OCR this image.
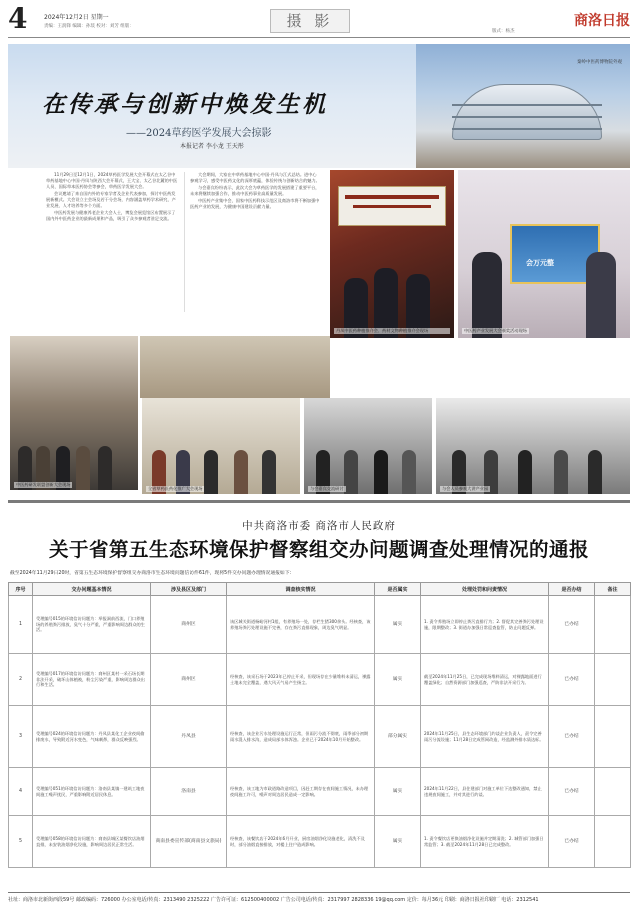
4	2024年12月2日 星期一
责编：王润锋 编辑：孙琰 校对：刘芳 组版：	摄 影
版式：杨杰
商洛日报
在传承与创新中焕发生机
——2024草药医学发展大会掠影
本报记者 李小龙 王天彤
秦岭中医药博物院外观

11月29日至12月1日，2024草药医学发展大会开幕式在太乙谷中草药基地中心中国·丹凤与陕西大会开幕式，王大宝、太乙谷北麓的中医人员、国际草本医药协会等参会，草药医学发展大会。

会议邀请了来自国内外的专家学者及企业代表参加，探讨中医药发展新模式。大会设立主会场及若干分会场，内容涵盖草药学术研究、产业发展、人才培养等多个方面。

中医药发展与健康养老企业大会人士，博览会展览馆区布置展示了国内外中医药企业的最新成果和产品，吸引了众多参观者驻足交流。

大会期间，大家在中草药基地中心中国·丹凤与江式总结。进中心参观学习，感受中医药文化的深厚底蕴，体验传统与创新结合的魅力。

与会嘉宾纷纷表示，此次大会为草药医学的发展搭建了重要平台，未来将继续加强合作，推动中医药事业高质量发展。

中医药产业集中会，国家中医药科技示范区及商洛市将不断加强中医药产业的发展，为健康中国建设贡献力量。

丹凤中医药种植推介会、药材文物种植推介会现场
会万元整
中医药产业发展大会颁奖活动现场
中医药研发联盟创新大会现场
全省草药医药化推广大会现场	与会嘉宾交流研讨	与会人员参观大讲产业园
中共商洛市委 商洛市人民政府
关于省第五生态环境保护督察组交办问题调查处理情况的通报
截至2024年11月29日20时，省第五生态环境保护督察组交办商洛市生态环境问题信访件61件，现将5件交办问题办理情况通报如下：
序号	交办问题基本情况	涉及县区及部门	调查核实情况	是否属实	处理处罚和问责情况	是否办结	备注
1	受理编号015的环境信访问题为：举报洞前西流，门口养殖场的养殖粪污排放，臭气十分严重，严重影响周边群众的生活。	商州区	该区城关街道杨峪河村1组，有养殖场一处，存栏生猪300余头。经核查，该养殖场粪污处理设施不完善，存在粪污直排现象，周边臭气明显。	属实	1. 责令养殖场立即停止粪污直排行为；2. 督促其完善粪污处理设施，限期整改；3. 街道办加强日常巡查监管，防止问题反弹。	已办结	
2	受理编号017的环境信访问题为：商州区某村一采石场长期非法开采，破坏山体植被，粉尘污染严重，影响周边群众出行和生活。	商州区	经核查，该采石场于2023年已停止开采，但现场存在少量堆料未清运，裸露土地未完全覆盖，遇大风天气易产生扬尘。	属实	截至2024年11月25日，已完成现场堆料清运，对裸露地面进行覆盖绿化；自然资源部门加强巡查，严防非法开采行为。	已办结	
3	受理编号024的环境信访问题为：丹凤县某化工企业夜间偷排废水，导致附近河水变色，气味刺鼻，群众反映强烈。	丹凤县	经核查，该企业污水处理设施运行正常，但雨污分流不彻底，雨季部分初期雨水混入排水沟，造成局部水体浑浊。企业已于2024年10月开始整改。	部分属实	2024年11月25日，县生态环境部门约谈企业负责人，责令完善雨污分流设施；11月28日完成管网改造，经监测外排水质达标。	已办结	
4	受理编号051的环境信访问题为：洛南县某镇一建筑工地夜间施工噪声扰民，严重影响附近居民休息。	洛南县	经核查，该工地为市政道路改造项目，因赶工期存在夜间施工情况，未办理夜间施工许可，噪声对周边居民造成一定影响。	属实	2024年11月22日，县住建部门对施工单位下达整改通知，禁止违规夜间施工，并对其进行约谈。	已办结	
5	受理编号058的环境信访问题为：商南县城区某餐饮店油烟直排，未安装油烟净化设施，影响周边居民正常生活。	商南县委宣传部(商南县文旅局)	经核查，该餐饮店于2024年6月开业，厨房油烟净化设施老化，清洗不及时，部分油烟直接排放，对楼上住户造成影响。	属实	1. 责令餐饮店更换油烟净化设施并定期清洗；2. 城管部门加强日常监管；3. 截至2024年11月28日已完成整改。	已办结	
社址：商洛市北新街西段59号 邮政编码：726000 办公室电话/传真：2313490 2325222 广告许可证：612500400002 广告公司电话/传真：2317997 2828336 19@qq.com 定价：每月36元 印刷：商洛日报社印刷厂 电话：2312541
